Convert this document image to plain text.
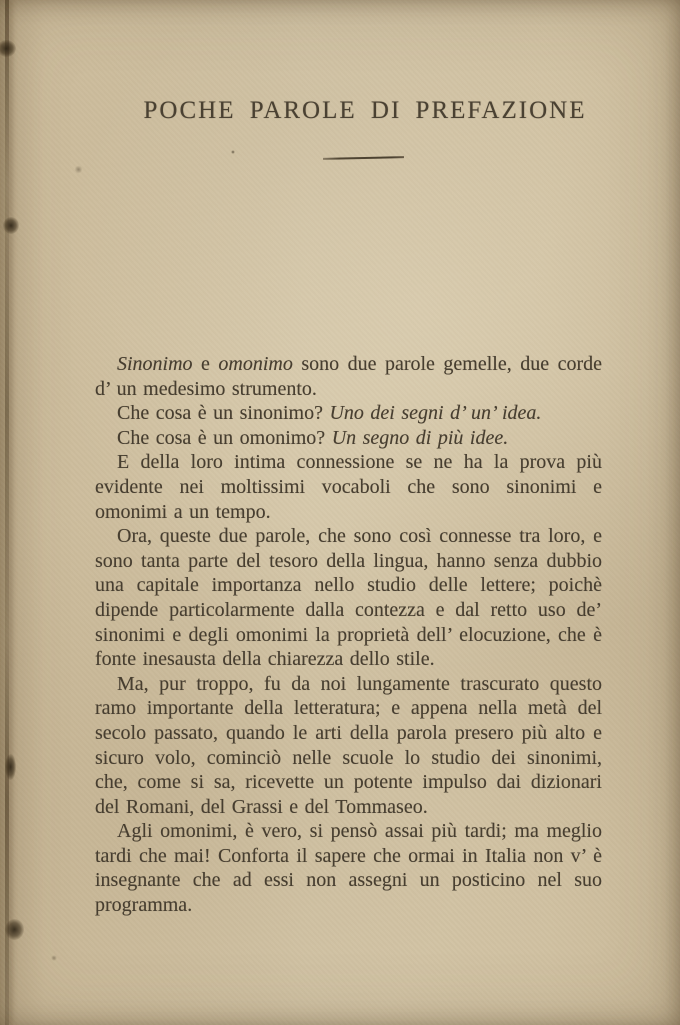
POCHE PAROLE DI PREFAZIONE

Sinonimo e omonimo sono due parole gemelle, due corde d’ un medesimo strumento.

Che cosa è un sinonimo? Uno dei segni d’ un’ idea.

Che cosa è un omonimo? Un segno di più idee.

E della loro intima connessione se ne ha la prova più evidente nei moltissimi vocaboli che sono sinonimi e omonimi a un tempo.

Ora, queste due parole, che sono così connesse tra loro, e sono tanta parte del tesoro della lingua, hanno senza dubbio una capitale importanza nello studio delle lettere; poichè dipende particolarmente dalla contezza e dal retto uso de’ sinonimi e degli omonimi la proprietà dell’ elocuzione, che è fonte inesausta della chiarezza dello stile.

Ma, pur troppo, fu da noi lungamente trascurato questo ramo importante della letteratura; e appena nella metà del secolo passato, quando le arti della parola presero più alto e sicuro volo, cominciò nelle scuole lo studio dei sinonimi, che, come si sa, ricevette un potente impulso dai dizionari del Romani, del Grassi e del Tommaseo.

Agli omonimi, è vero, si pensò assai più tardi; ma meglio tardi che mai! Conforta il sapere che ormai in Italia non v’ è insegnante che ad essi non assegni un posticino nel suo programma.
